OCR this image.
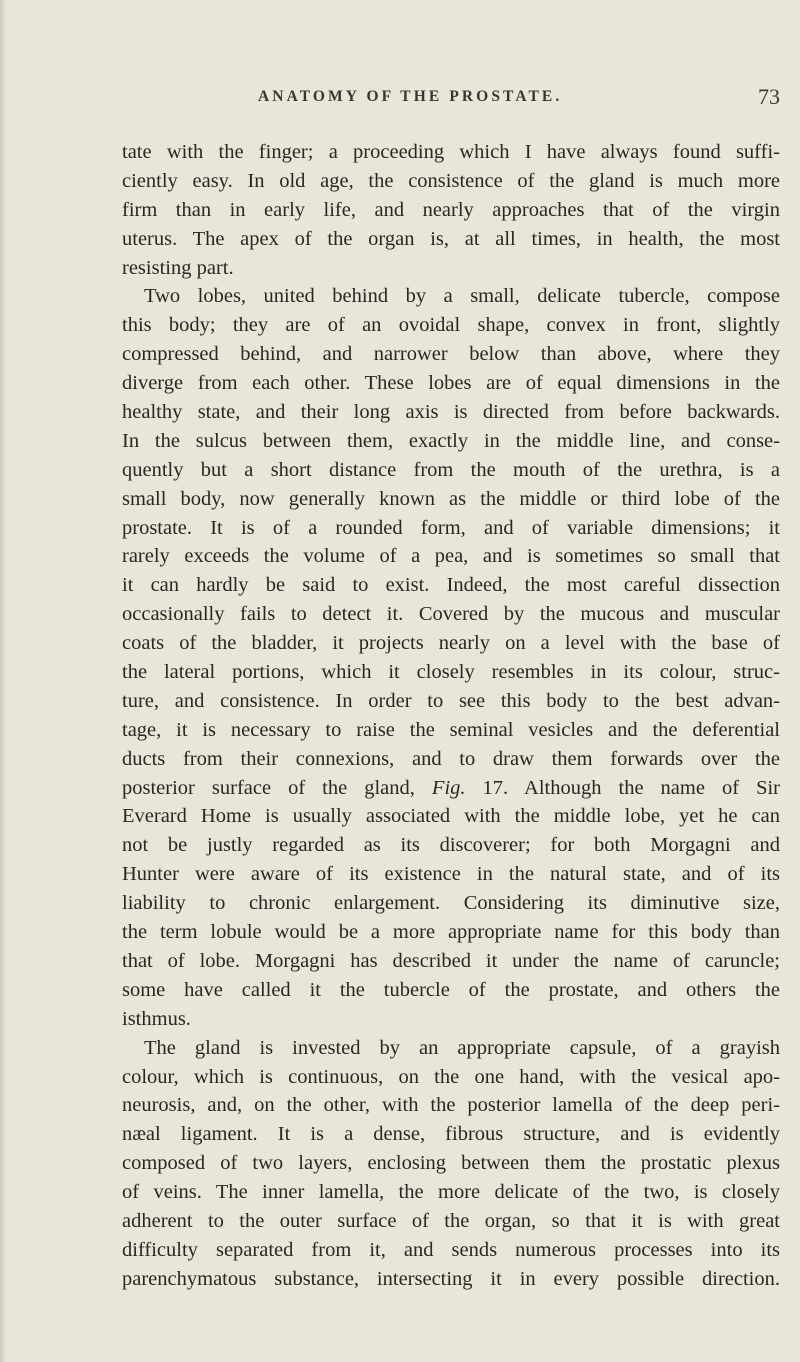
ANATOMY OF THE PROSTATE.	73
tate with the finger; a proceeding which I have always found suffi-
ciently easy. In old age, the consistence of the gland is much more
firm than in early life, and nearly approaches that of the virgin
uterus. The apex of the organ is, at all times, in health, the most
resisting part.
Two lobes, united behind by a small, delicate tubercle, compose
this body; they are of an ovoidal shape, convex in front, slightly
compressed behind, and narrower below than above, where they
diverge from each other. These lobes are of equal dimensions in the
healthy state, and their long axis is directed from before backwards.
In the sulcus between them, exactly in the middle line, and conse-
quently but a short distance from the mouth of the urethra, is a
small body, now generally known as the middle or third lobe of the
prostate. It is of a rounded form, and of variable dimensions; it
rarely exceeds the volume of a pea, and is sometimes so small that
it can hardly be said to exist. Indeed, the most careful dissection
occasionally fails to detect it. Covered by the mucous and muscular
coats of the bladder, it projects nearly on a level with the base of
the lateral portions, which it closely resembles in its colour, struc-
ture, and consistence. In order to see this body to the best advan-
tage, it is necessary to raise the seminal vesicles and the deferential
ducts from their connexions, and to draw them forwards over the
posterior surface of the gland, Fig. 17. Although the name of Sir
Everard Home is usually associated with the middle lobe, yet he can
not be justly regarded as its discoverer; for both Morgagni and
Hunter were aware of its existence in the natural state, and of its
liability to chronic enlargement. Considering its diminutive size,
the term lobule would be a more appropriate name for this body than
that of lobe. Morgagni has described it under the name of caruncle;
some have called it the tubercle of the prostate, and others the
isthmus.
The gland is invested by an appropriate capsule, of a grayish
colour, which is continuous, on the one hand, with the vesical apo-
neurosis, and, on the other, with the posterior lamella of the deep peri-
næal ligament. It is a dense, fibrous structure, and is evidently
composed of two layers, enclosing between them the prostatic plexus
of veins. The inner lamella, the more delicate of the two, is closely
adherent to the outer surface of the organ, so that it is with great
difficulty separated from it, and sends numerous processes into its
parenchymatous substance, intersecting it in every possible direction.
